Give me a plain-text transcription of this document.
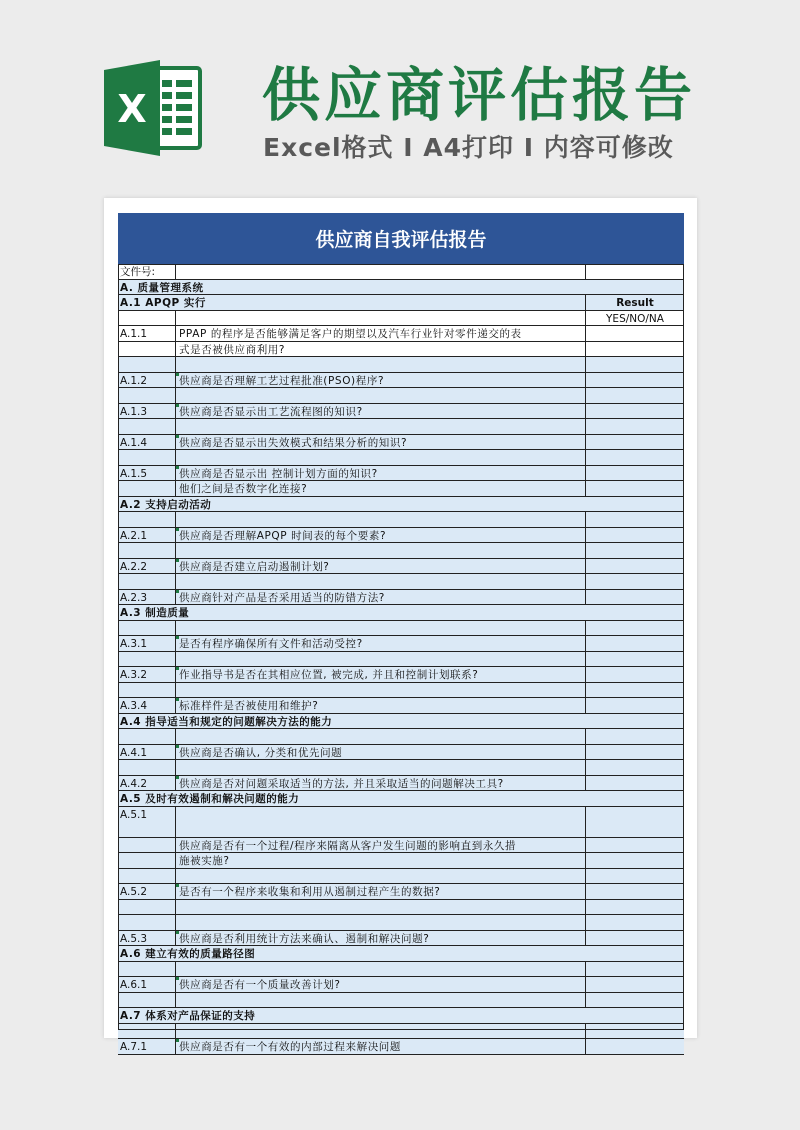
X 供应商评估报告
Excel格式 I A4打印 I 内容可修改
供应商自我评估报告
文件号:
A. 质量管理系统
A.1 APQP 实行	Result
YES/NO/NA
A.1.1	PPAP 的程序是否能够满足客户的期望以及汽车行业针对零件递交的表
式是否被供应商利用?
A.1.2	供应商是否理解工艺过程批准(PSO)程序?
A.1.3	供应商是否显示出工艺流程图的知识?
A.1.4	供应商是否显示出失效模式和结果分析的知识?
A.1.5	供应商是否显示出 控制计划方面的知识?
他们之间是否数字化连接?
A.2 支持启动活动
A.2.1	供应商是否理解APQP 时间表的每个要素?
A.2.2	供应商是否建立启动遏制计划?
A.2.3	供应商针对产品是否采用适当的防错方法?
A.3 制造质量
A.3.1	是否有程序确保所有文件和活动受控?
A.3.2	作业指导书是否在其相应位置, 被完成, 并且和控制计划联系?
A.3.4	标准样件是否被使用和维护?
A.4 指导适当和规定的问题解决方法的能力
A.4.1	供应商是否确认, 分类和优先问题
A.4.2	供应商是否对问题采取适当的方法, 并且采取适当的问题解决工具?
A.5 及时有效遏制和解决问题的能力
A.5.1
供应商是否有一个过程/程序来隔离从客户发生问题的影响直到永久措
施被实施?
A.5.2	是否有一个程序来收集和利用从遏制过程产生的数据?
A.5.3	供应商是否利用统计方法来确认、遏制和解决问题?
A.6 建立有效的质量路径图
A.6.1	供应商是否有一个质量改善计划?
A.7 体系对产品保证的支持
A.7.1	供应商是否有一个有效的内部过程来解决问题
